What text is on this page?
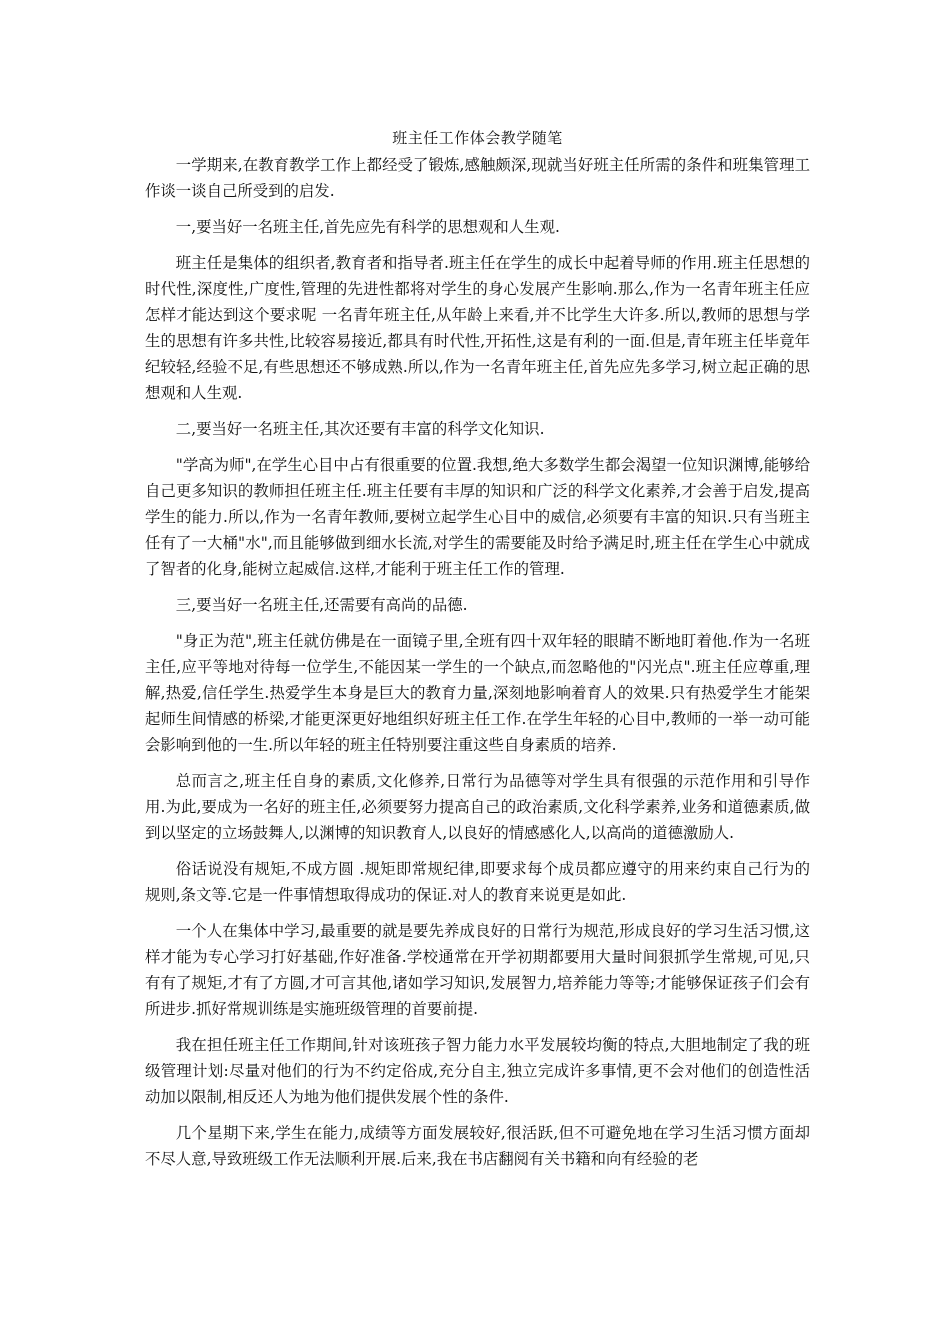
班主任工作体会教学随笔

一学期来,在教育教学工作上都经受了锻炼,感触颇深,现就当好班主任所需的条件和班集管理工作谈一谈自己所受到的启发.

一,要当好一名班主任,首先应先有科学的思想观和人生观.

班主任是集体的组织者,教育者和指导者.班主任在学生的成长中起着导师的作用.班主任思想的时代性,深度性,广度性,管理的先进性都将对学生的身心发展产生影响.那么,作为一名青年班主任应怎样才能达到这个要求呢 一名青年班主任,从年龄上来看,并不比学生大许多.所以,教师的思想与学生的思想有许多共性,比较容易接近,都具有时代性,开拓性,这是有利的一面.但是,青年班主任毕竟年纪较轻,经验不足,有些思想还不够成熟.所以,作为一名青年班主任,首先应先多学习,树立起正确的思想观和人生观.

二,要当好一名班主任,其次还要有丰富的科学文化知识.

"学高为师",在学生心目中占有很重要的位置.我想,绝大多数学生都会渴望一位知识渊博,能够给自己更多知识的教师担任班主任.班主任要有丰厚的知识和广泛的科学文化素养,才会善于启发,提高学生的能力.所以,作为一名青年教师,要树立起学生心目中的威信,必须要有丰富的知识.只有当班主任有了一大桶"水",而且能够做到细水长流,对学生的需要能及时给予满足时,班主任在学生心中就成了智者的化身,能树立起威信.这样,才能利于班主任工作的管理.

三,要当好一名班主任,还需要有高尚的品德.

"身正为范",班主任就仿佛是在一面镜子里,全班有四十双年轻的眼睛不断地盯着他.作为一名班主任,应平等地对待每一位学生,不能因某一学生的一个缺点,而忽略他的"闪光点".班主任应尊重,理解,热爱,信任学生.热爱学生本身是巨大的教育力量,深刻地影响着育人的效果.只有热爱学生才能架起师生间情感的桥梁,才能更深更好地组织好班主任工作.在学生年轻的心目中,教师的一举一动可能会影响到他的一生.所以年轻的班主任特别要注重这些自身素质的培养.

总而言之,班主任自身的素质,文化修养,日常行为品德等对学生具有很强的示范作用和引导作用.为此,要成为一名好的班主任,必须要努力提高自己的政治素质,文化科学素养,业务和道德素质,做到以坚定的立场鼓舞人,以渊博的知识教育人,以良好的情感感化人,以高尚的道德激励人.

俗话说没有规矩,不成方圆 .规矩即常规纪律,即要求每个成员都应遵守的用来约束自己行为的规则,条文等.它是一件事情想取得成功的保证.对人的教育来说更是如此.

一个人在集体中学习,最重要的就是要先养成良好的日常行为规范,形成良好的学习生活习惯,这样才能为专心学习打好基础,作好准备.学校通常在开学初期都要用大量时间狠抓学生常规,可见,只有有了规矩,才有了方圆,才可言其他,诸如学习知识,发展智力,培养能力等等;才能够保证孩子们会有所进步.抓好常规训练是实施班级管理的首要前提.

我在担任班主任工作期间,针对该班孩子智力能力水平发展较均衡的特点,大胆地制定了我的班级管理计划:尽量对他们的行为不约定俗成,充分自主,独立完成许多事情,更不会对他们的创造性活动加以限制,相反还人为地为他们提供发展个性的条件.

几个星期下来,学生在能力,成绩等方面发展较好,很活跃,但不可避免地在学习生活习惯方面却不尽人意,导致班级工作无法顺利开展.后来,我在书店翻阅有关书籍和向有经验的老
